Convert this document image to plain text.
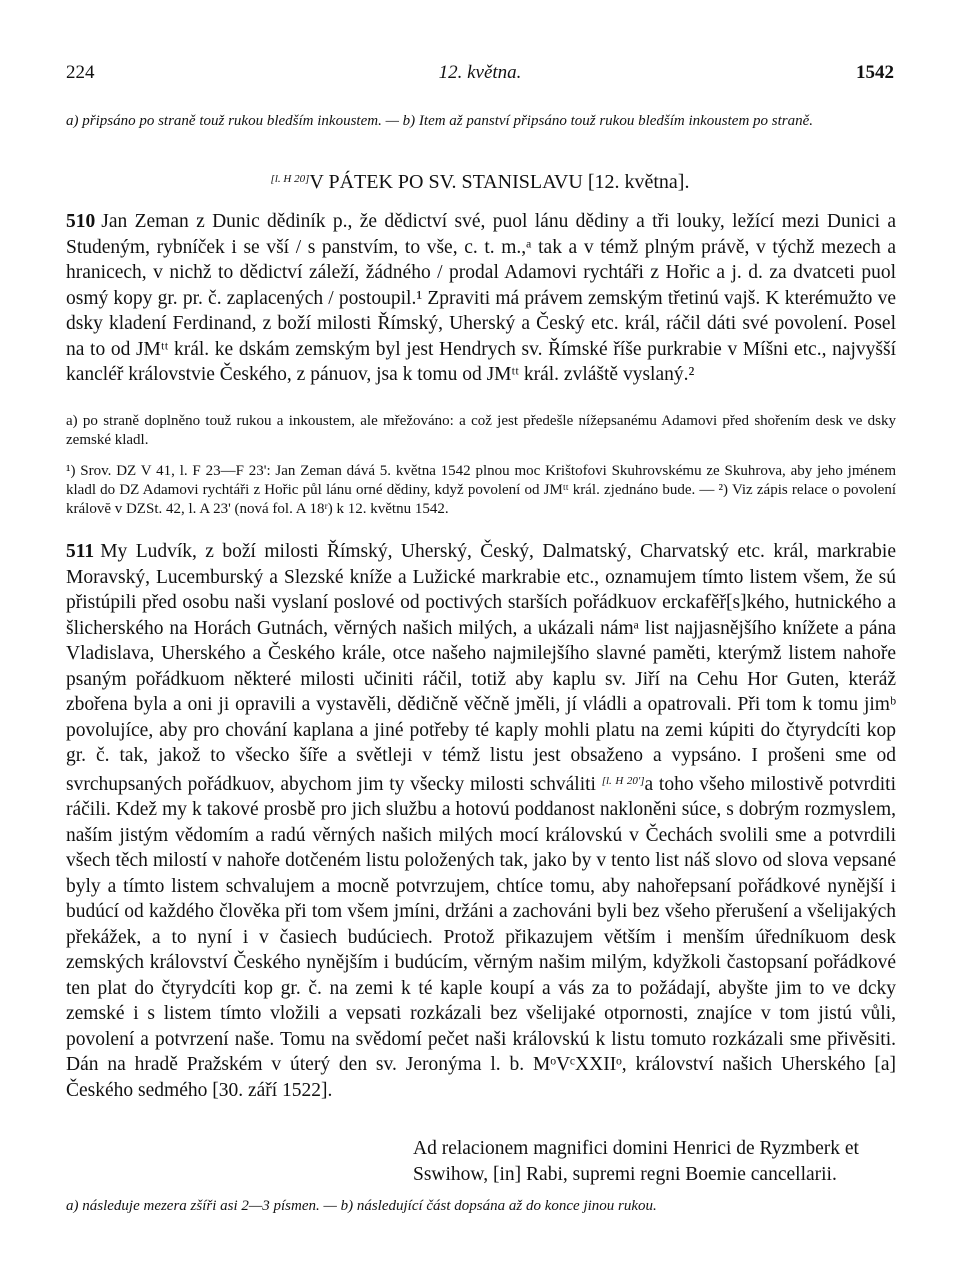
224	12. května.	1542
a) připsáno po straně touž rukou bledším inkoustem. — b) Item až panství připsáno touž rukou bledším inkoustem po straně.
[l. H 20]V PÁTEK PO SV. STANISLAVU [12. května].
510 Jan Zeman z Dunic dědiník p., že dědictví své, puol lánu dědiny a tři louky, ležící mezi Dunici a Studeným, rybníček i se vší / s panstvím, to vše, c. t. m.,ᵃ tak a v témž plným právě, v týchž mezech a hranicech, v nichž to dědictví záleží, žádného / prodal Adamovi rychtáři z Hořic a j. d. za dvatceti puol osmý kopy gr. pr. č. zaplacených / postoupil.¹ Zpraviti má právem zemským třetinú vajš. K kterémužto ve dsky kladení Ferdinand, z boží milosti Římský, Uherský a Český etc. král, ráčil dáti své povolení. Posel na to od JMᵗᵗ král. ke dskám zemským byl jest Hendrych sv. Římské říše purkrabie v Míšni etc., najvyšší kancléř královstvie Českého, z pánuov, jsa k tomu od JMᵗᵗ král. zvláště vyslaný.²
a) po straně doplněno touž rukou a inkoustem, ale mřežováno: a což jest předešle nížepsanému Adamovi před shořením desk ve dsky zemské kladl.
¹) Srov. DZ V 41, l. F 23—F 23': Jan Zeman dává 5. května 1542 plnou moc Krištofovi Skuhrovskému ze Skuhrova, aby jeho jménem kladl do DZ Adamovi rychtáři z Hořic půl lánu orné dědiny, když povolení od JMᵗᵗ král. zjednáno bude. — ²) Viz zápis relace o povolení královĕ v DZSt. 42, l. A 23' (nová fol. A 18ʳ) k 12. květnu 1542.
511 My Ludvík, z boží milosti Římský, Uherský, Český, Dalmatský, Charvatský etc. král, markrabie Moravský, Lucemburský a Slezské kníže a Lužické markrabie etc., oznamujem tímto listem všem, že sú přistúpili před osobu naši vyslaní poslové od poctivých starších pořádkuov erckafěř[s]kého, hutnického a šlicherského na Horách Gutnách, věrných našich milých, a ukázali námᵃ list najjasnějšího knížete a pána Vladislava, Uherského a Českého krále, otce našeho najmilejšího slavné paměti, kterýmž listem nahoře psaným pořádkuom některé milosti učiniti ráčil, totiž aby kaplu sv. Jiří na Cehu Hor Guten, kteráž zbořena byla a oni ji opravili a vystavěli, dědičně věčně jměli, jí vládli a opatrovali. Při tom k tomu jimᵇ povolujíce, aby pro chování kaplana a jiné potřeby té kaply mohli platu na zemi kúpiti do čtyrydcíti kop gr. č. tak, jakož to všecko šíře a světleji v témž listu jest obsaženo a vypsáno. I prošeni sme od svrchupsaných pořádkuov, abychom jim ty všecky milosti schváliti [l. H 20']a toho všeho milostivě potvrditi ráčili. Kdež my k takové prosbě pro jich službu a hotovú poddanost nakloněni súce, s dobrým rozmyslem, naším jistým vědomím a radú věrných našich milých mocí královskú v Čechách svolili sme a potvrdili všech těch milostí v nahoře dotčeném listu položených tak, jako by v tento list náš slovo od slova vepsané byly a tímto listem schvalujem a mocně potvrzujem, chtíce tomu, aby nahořepsaní pořádkové nynější i budúcí od každého člověka při tom všem jmíni, držáni a zachováni byli bez všeho přerušení a všelijakých překážek, a to nyní i v časiech budúciech. Protož přikazujem větším i menším úředníkuom desk zemských království Českého nynějším i budúcím, věrným našim milým, kdyžkoli častopsaní pořádkové ten plat do čtyrydcíti kop gr. č. na zemi k té kaple koupí a vás za to požádají, abyšte jim to ve dcky zemské i s listem tímto vložili a vepsati rozkázali bez všelijaké otpornosti, znajíce v tom jistú vůli, povolení a potvrzení naše. Tomu na svědomí pečet naši královskú k listu tomuto rozkázali sme přivěsiti. Dán na hradě Pražském v úterý den sv. Jeronýma l. b. MᵒVᶜXXIIᵒ, království našich Uherského [a] Českého sedmého [30. září 1522].
Ad relacionem magnifici domini Henrici de Ryzmberk et Sswihow, [in] Rabi, supremi regni Boemie cancellarii.
a) následuje mezera zšíři asi 2—3 písmen. — b) následující část dopsána až do konce jinou rukou.
